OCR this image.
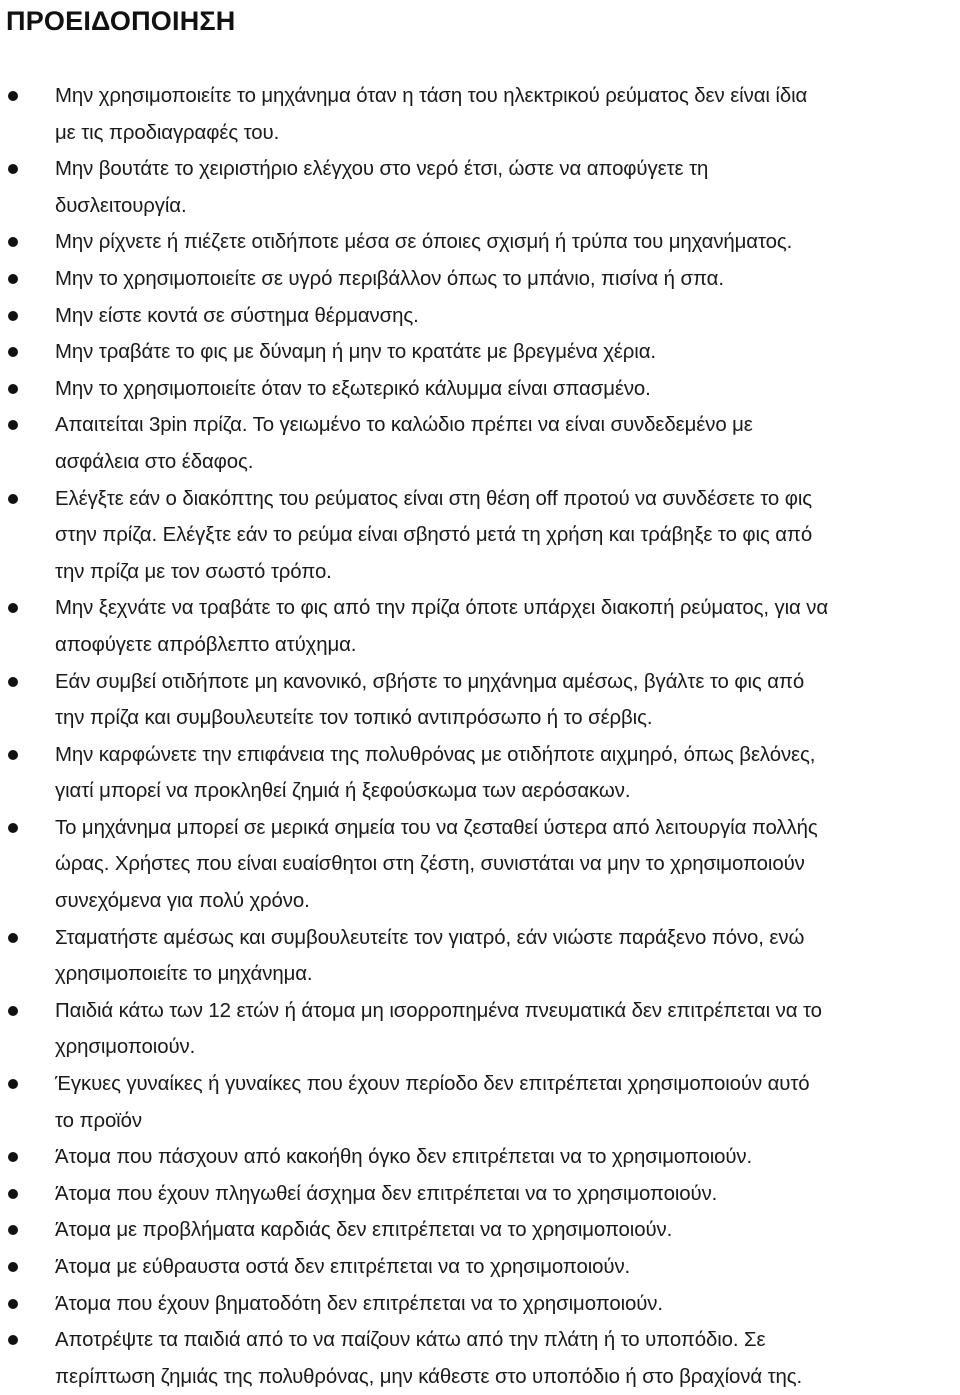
ΠΡΟΕΙΔΟΠΟΙΗΣΗ
Μην χρησιμοποιείτε το μηχάνημα όταν η τάση του ηλεκτρικού ρεύματος δεν είναι ίδια
με τις προδιαγραφές του.
Μην βουτάτε το χειριστήριο ελέγχου στο νερό έτσι, ώστε να αποφύγετε τη
δυσλειτουργία.
Μην ρίχνετε ή πιέζετε οτιδήποτε μέσα σε όποιες σχισμή ή τρύπα του μηχανήματος.
Μην το χρησιμοποιείτε σε υγρό περιβάλλον όπως το μπάνιο, πισίνα ή σπα.
Μην είστε κοντά σε σύστημα θέρμανσης.
Μην τραβάτε το φις με δύναμη ή μην το κρατάτε με βρεγμένα χέρια.
Μην το χρησιμοποιείτε όταν το εξωτερικό κάλυμμα είναι σπασμένο.
Απαιτείται 3pin πρίζα. Το γειωμένο το καλώδιο πρέπει να είναι συνδεδεμένο με
ασφάλεια στο έδαφος.
Ελέγξτε εάν ο διακόπτης του ρεύματος είναι στη θέση off προτού να συνδέσετε το φις
στην πρίζα. Ελέγξτε εάν το ρεύμα είναι σβηστό μετά τη χρήση και τράβηξε το φις από
την πρίζα με τον σωστό τρόπο.
Μην ξεχνάτε να τραβάτε το φις από την πρίζα όποτε υπάρχει διακοπή ρεύματος, για να
αποφύγετε απρόβλεπτο ατύχημα.
Εάν συμβεί οτιδήποτε μη κανονικό, σβήστε το μηχάνημα αμέσως, βγάλτε το φις από
την πρίζα και συμβουλευτείτε τον τοπικό αντιπρόσωπο ή το σέρβις.
Μην καρφώνετε την επιφάνεια της πολυθρόνας με οτιδήποτε αιχμηρό, όπως βελόνες,
γιατί μπορεί να προκληθεί ζημιά ή ξεφούσκωμα των αερόσακων.
Το μηχάνημα μπορεί σε μερικά σημεία του να ζεσταθεί ύστερα από λειτουργία πολλής
ώρας. Χρήστες που είναι ευαίσθητοι στη ζέστη, συνιστάται να μην το χρησιμοποιούν
συνεχόμενα για πολύ χρόνο.
Σταματήστε αμέσως και συμβουλευτείτε τον γιατρό, εάν νιώστε παράξενο πόνο, ενώ
χρησιμοποιείτε το μηχάνημα.
Παιδιά κάτω των 12 ετών ή άτομα μη ισορροπημένα πνευματικά δεν επιτρέπεται να το
χρησιμοποιούν.
Έγκυες γυναίκες ή γυναίκες που έχουν περίοδο δεν επιτρέπεται χρησιμοποιούν αυτό
το προϊόν
Άτομα που πάσχουν από κακοήθη όγκο δεν επιτρέπεται να το χρησιμοποιούν.
Άτομα που έχουν πληγωθεί άσχημα δεν επιτρέπεται να το χρησιμοποιούν.
Άτομα με προβλήματα καρδιάς δεν επιτρέπεται να το χρησιμοποιούν.
Άτομα με εύθραυστα οστά δεν επιτρέπεται να το χρησιμοποιούν.
Άτομα που έχουν βηματοδότη δεν επιτρέπεται να το χρησιμοποιούν.
Αποτρέψτε τα παιδιά από το να παίζουν κάτω από την πλάτη ή το υποπόδιο. Σε
περίπτωση ζημιάς της πολυθρόνας, μην κάθεστε στο υποπόδιο ή στο βραχίονά της.
